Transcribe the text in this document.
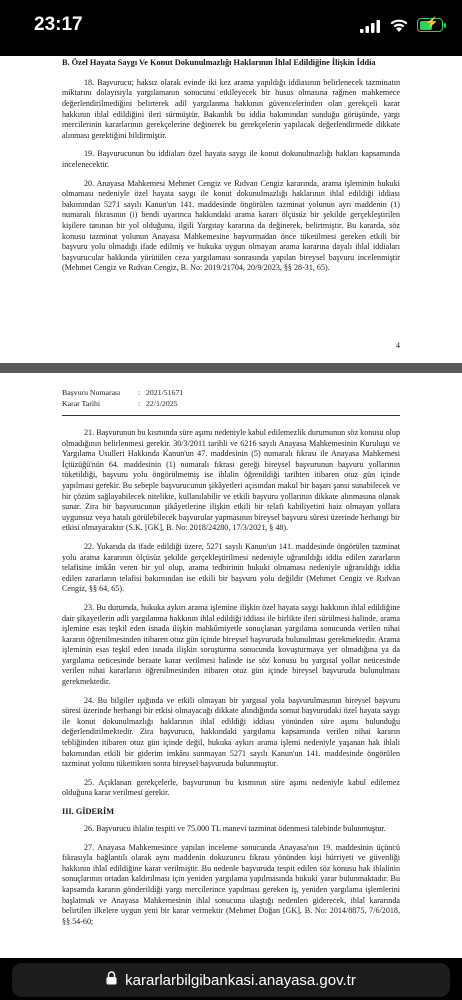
23:17	⚡
B. Özel Hayata Saygı Ve Konut Dokunulmazlığı Haklarının İhlal Edildiğine İlişkin İddia

18. Başvurucu; haksız olarak evinde iki kez arama yapıldığı iddiasının belirlenecek tazminatın miktarını dolayısıyla yargılamanın sonucunu etkileyecek bir husus olmasına rağmen mahkemece değerlendirilmediğini belirterek adil yargılanma hakkının güvencelerinden olan gerekçeli karar hakkının ihlal edildiğini ileri sürmüştür. Bakanlık bu iddia bakımından sunduğu görüşünde, yargı mercilerinin kararlarının gerekçelerine değinerek bu gerekçelerin yapılacak değerlendirmede dikkate alınması gerektiğini bildirmiştir.

19. Başvurucunun bu iddiaları özel hayata saygı ile konut dokunulmazlığı hakları kapsamında incelenecektir.

20. Anayasa Mahkemesi Mehmet Cengiz ve Rıdvan Cengiz kararında, arama işleminin hukuki olmaması nedeniyle özel hayata saygı ile konut dokunulmazlığı haklarının ihlal edildiği iddiası bakımından 5271 sayılı Kanun'un 141. maddesinde öngörülen tazminat yolunun ayrı maddenin (1) numaralı fıkrasının (i) bendi uyarınca hakkındaki arama kararı ölçüsüz bir şekilde gerçekleştirilen kişilere tanınan bir yol olduğunu, ilgili Yargıtay kararına da değinerek, belirtmiştir. Bu kararda, söz konusu tazminat yolunun Anayasa Mahkemesine başvurmadan önce tüketilmesi gereken etkili bir başvuru yolu olmadığı ifade edilmiş ve hukuka uygun olmayan arama kararına dayalı ihlal iddiaları başvurucular hakkında yürütülen ceza yargılaması sonrasında yapılan bireysel başvuru incelenmiştir (Mehmet Cengiz ve Rıdvan Cengiz, B. No: 2019/21704, 20/9/2023, §§ 28-31, 65).

4
Başvuru Numarası	: 2021/51671
Karar Tarihi	: 22/1/2025

21. Başvurunun bu kısmında süre aşımı nedeniyle kabul edilemezlik durumunun söz konusu olup olmadığının belirlenmesi gerekir. 30/3/2011 tarihli ve 6216 sayılı Anayasa Mahkemesinin Kuruluşu ve Yargılama Usulleri Hakkında Kanun'un 47. maddesinin (5) numaralı fıkrası ile Anayasa Mahkemesi İçtüzüğü'nün 64. maddesinin (1) numaralı fıkrası gereği bireysel başvurunun başvuru yollarının tüketildiği, başvuru yolu öngörülmemiş ise ihlalin öğrenildiği tarihten itibaren otuz gün içinde yapılması gerekir. Bu sebeple başvurucunun şikâyetleri açısından makul bir başarı şansı sunabilecek ve bir çözüm sağlayabilecek nitelikte, kullanılabilir ve etkili başvuru yollarının dikkate alınmasına olanak sunar. Zira bir başvurucunun şikâyetlerine ilişkin etkili bir telafi kabiliyetini haiz olmayan yollara uygunsuz veya hatalı görülebilecek başvurular yapmasının bireysel başvuru süresi üzerinde herhangi bir etkisi olmayacaktır (S.K. [GK], B. No: 2018/24280, 17/3/2021, § 48).

22. Yukarıda da ifade edildiği üzere, 5271 sayılı Kanun'un 141. maddesinde öngörülen tazminat yolu arama kararının ölçüsüz şekilde gerçekleştirilmesi nedeniyle uğranıldığı iddia edilen zararların telafisine imkân veren bir yol olup, arama tedbirinin hukuki olmaması nedeniyle uğranıldığı iddia edilen zararların telafisi bakımından ise etkili bir başvuru yolu değildir (Mehmet Cengiz ve Rıdvan Cengiz, §§ 64, 65).

23. Bu durumda, hukuka aykırı arama işlemine ilişkin özel hayata saygı hakkının ihlal edildiğine dair şikayetlerin adli yargılanma hakkının ihlal edildiği iddiası ile birlikte ileri sürülmesi halinde, arama işlemine esas teşkil eden isnada ilişkin mahkûmiyetle sonuçlanan yargılama sonucunda verilen nihai kararın öğrenilmesinden itibaren otuz gün içinde bireysel başvuruda bulunulması gerekmektedir. Arama işleminin esas teşkil eden isnada ilişkin soruşturma sonucunda kovuşturmaya yer olmadığına ya da yargılama neticesinde beraate karar verilmesi halinde ise söz konusu bu yargısal yollar neticesinde verilen nihai kararların öğrenilmesinden itibaren otuz gün içinde bireysel başvuruda bulunulması gerekmektedir.

24. Bu bilgiler ışığında ve etkili olmayan bir yargısal yola başvurulmasının bireysel başvuru süresi üzerinde herhangi bir etkisi olmayacağı dikkate alındığında somut başvurudaki özel hayata saygı ile konut dokunulmazlığı haklarının ihlal edildiği iddiası yönünden süre aşımı bulunduğu değerlendirilmektedir. Zira başvurucu, hakkındaki yargılama kapsamında verilen nihai kararın tebliğinden itibaren otuz gün içinde değil, hukuka aykırı arama işlemi nedeniyle yaşanan hak ihlali bakımından etkili bir giderim imkânı sunmayan 5271 sayılı Kanun'un 141. maddesinde öngörülen tazminat yolunu tükettikten sonra bireysel başvuruda bulunmuştur.

25. Açıklanan gerekçelerle, başvurunun bu kısmının süre aşımı nedeniyle kabul edilemez olduğuna karar verilmesi gerekir.

III. GİDERİM

26. Başvurucu ihlalin tespiti ve 75.000 TL manevi tazminat ödenmesi talebinde bulunmuştur.

27. Anayasa Mahkemesince yapılan inceleme sonucunda Anayasa'nın 19. maddesinin üçüncü fıkrasıyla bağlantılı olarak aynı maddenin dokuzuncu fıkrası yönünden kişi hürriyeti ve güvenliği hakkının ihlal edildiğine karar verilmiştir. Bu nedenle başvuruda tespit edilen söz konusu hak ihlalinin sonuçlarının ortadan kaldırılması için yeniden yargılama yapılmasında hukuki yarar bulunmaktadır. Bu kapsamda kararın gönderildiği yargı mercilerince yapılması gereken iş, yeniden yargılama işlemlerini başlatmak ve Anayasa Mahkemesinin ihlal sonucuna ulaştığı nedenleri giderecek, ihlal kararında belirtilen ilkelere uygun yeni bir karar vermektir (Mehmet Doğan [GK], B. No: 2014/8875, 7/6/2018, §§ 54-60;

kararlarbilgibankasi.anayasa.gov.tr
